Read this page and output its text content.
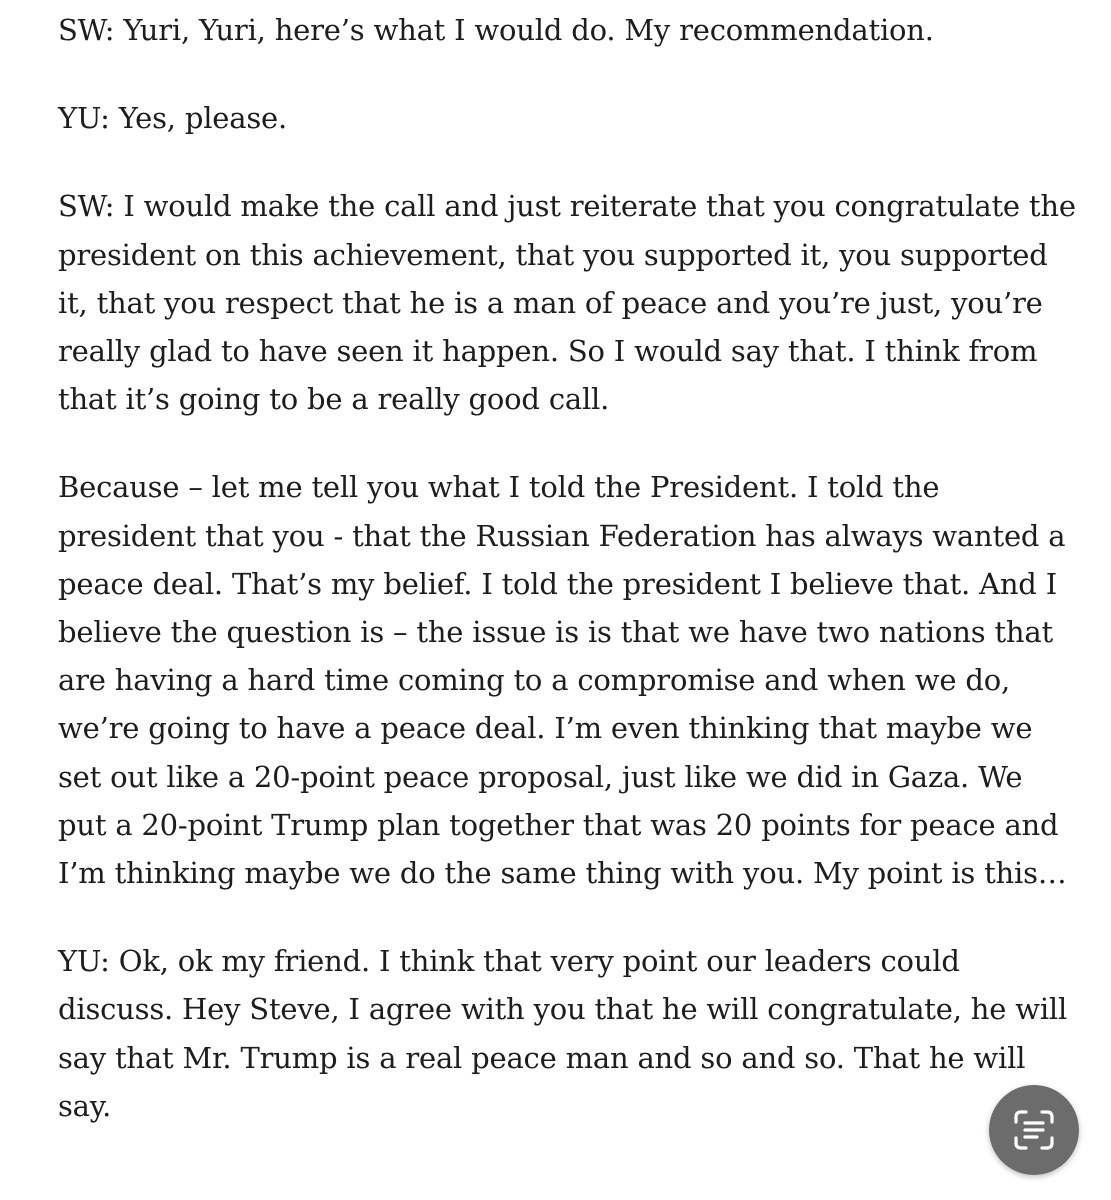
SW: Yuri, Yuri, here’s what I would do. My recommendation.

YU: Yes, please.

SW: I would make the call and just reiterate that you congratulate the president on this achievement, that you supported it, you supported it, that you respect that he is a man of peace and you’re just, you’re really glad to have seen it happen. So I would say that. I think from that it’s going to be a really good call.

Because – let me tell you what I told the President. I told the president that you - that the Russian Federation has always wanted a peace deal. That’s my belief. I told the president I believe that. And I believe the question is – the issue is is that we have two nations that are having a hard time coming to a compromise and when we do, we’re going to have a peace deal. I’m even thinking that maybe we set out like a 20-point peace proposal, just like we did in Gaza. We put a 20-point Trump plan together that was 20 points for peace and I’m thinking maybe we do the same thing with you. My point is this…

YU: Ok, ok my friend. I think that very point our leaders could discuss. Hey Steve, I agree with you that he will congratulate, he will say that Mr. Trump is a real peace man and so and so. That he will say.
